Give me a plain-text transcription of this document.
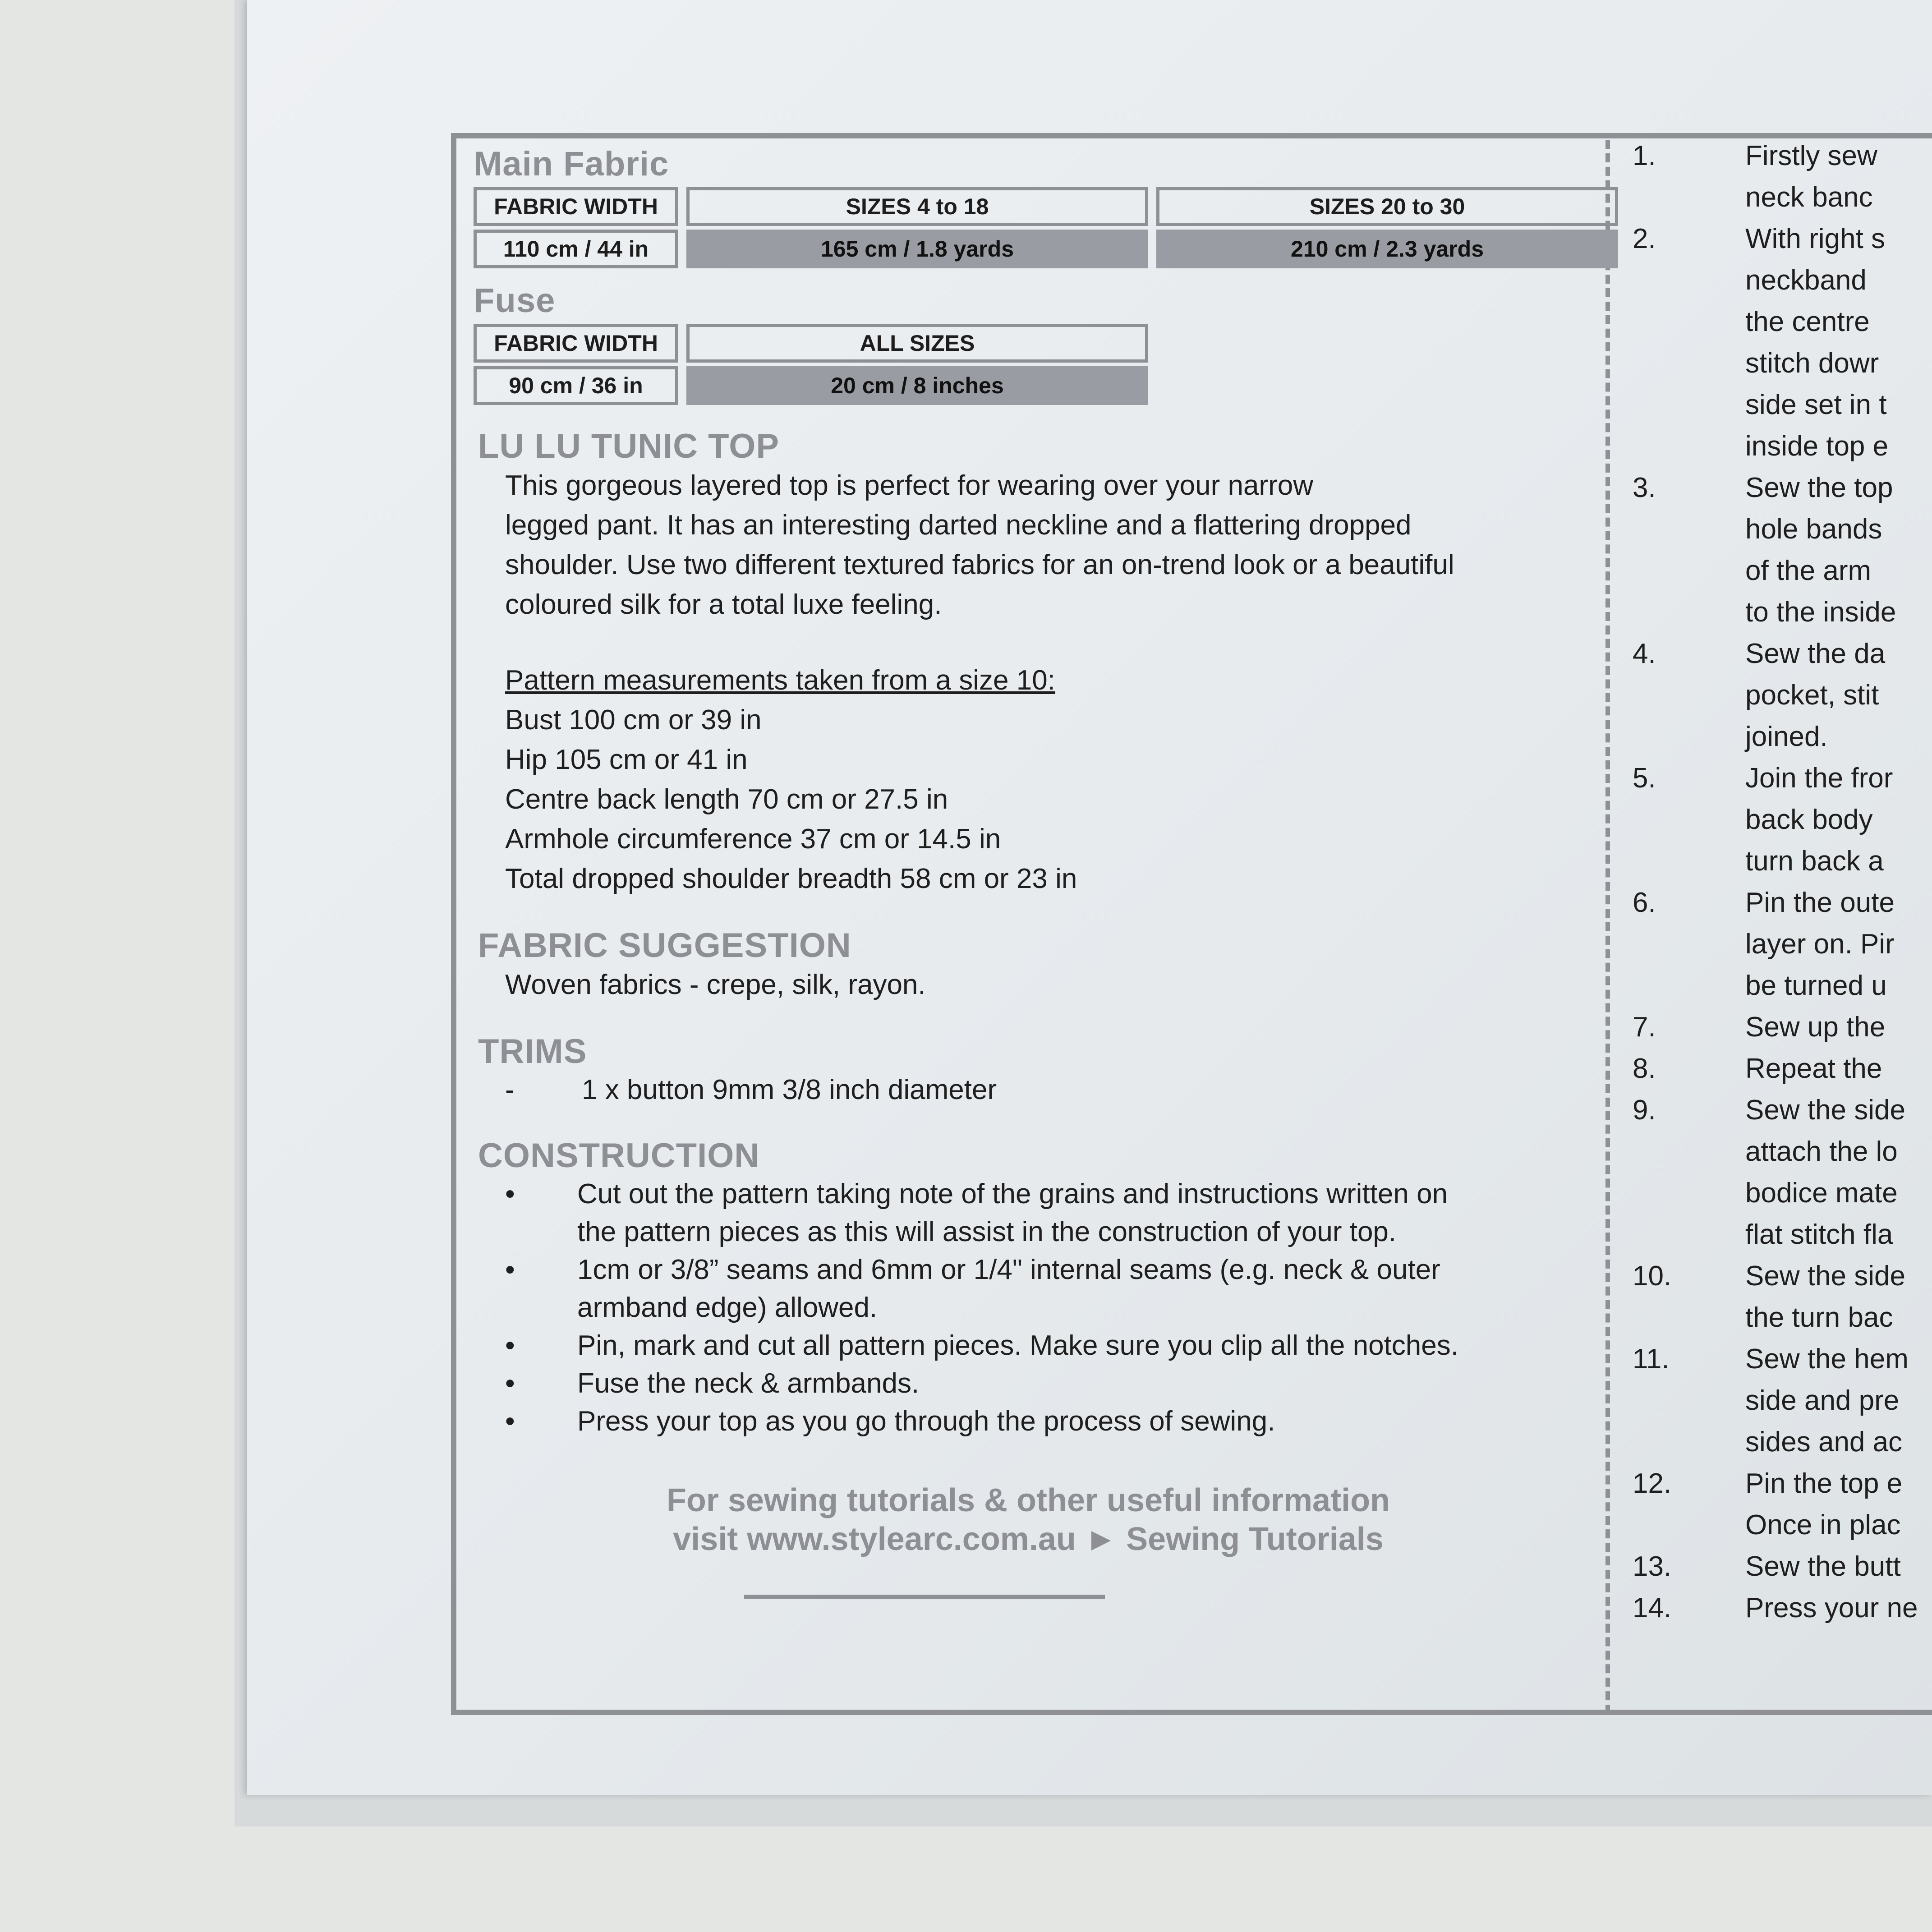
Main Fabric
FABRIC WIDTH	SIZES 4 to 18	SIZES 20 to 30
110 cm / 44 in	165 cm / 1.8 yards	210 cm / 2.3 yards
Fuse
FABRIC WIDTH	ALL SIZES
90 cm / 36 in	20 cm / 8 inches
LU LU TUNIC TOP

This gorgeous layered top is perfect for wearing over your narrow

legged pant. It has an interesting darted neckline and a flattering dropped

shoulder. Use two different textured fabrics for an on-trend look or a beautiful

coloured silk for a total luxe feeling.

Pattern measurements taken from a size 10:

Bust 100 cm or 39 in

Hip 105 cm or 41 in

Centre back length 70 cm or 27.5 in

Armhole circumference 37 cm or 14.5 in

Total dropped shoulder breadth 58 cm or 23 in

FABRIC SUGGESTION

Woven fabrics - crepe, silk, rayon.

TRIMS
- 1 x button 9mm 3/8 inch diameter
CONSTRUCTION
• Cut out the pattern taking note of the grains and instructions written on
the pattern pieces as this will assist in the construction of your top.
• 1cm or 3/8” seams and 6mm or 1/4" internal seams (e.g. neck & outer
armband edge) allowed.
• Pin, mark and cut all pattern pieces. Make sure you clip all the notches.
• Fuse the neck & armbands.
• Press your top as you go through the process of sewing.
For sewing tutorials & other useful information
visit www.stylearc.com.au ► Sewing Tutorials
1.	Firstly sew
neck banc
2.	With right s
neckband
the centre
stitch dowr
side set in t
inside top e
3.	Sew the top
hole bands
of the arm
to the inside
4.	Sew the da
pocket, stit
joined.
5.	Join the fror
back body
turn back a
6.	Pin the oute
layer on. Pir
be turned u
7.	Sew up the
8.	Repeat the
9.	Sew the side
attach the lo
bodice mate
flat stitch fla
10.	Sew the side
the turn bac
11.	Sew the hem
side and pre
sides and ac
12.	Pin the top e
Once in plac
13.	Sew the butt
14.	Press your ne
